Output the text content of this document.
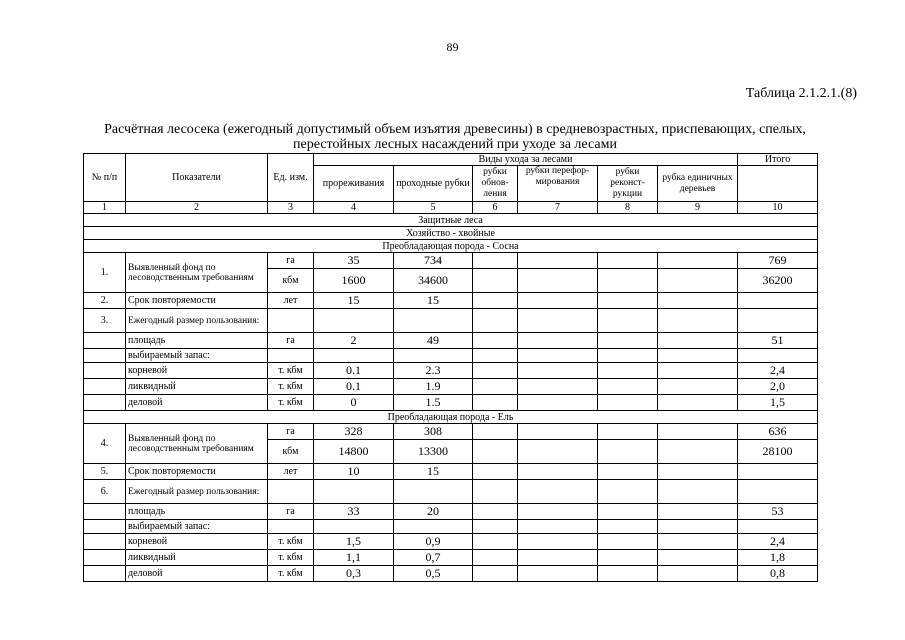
89
Таблица 2.1.2.1.(8)
Расчётная лесосека (ежегодный допустимый объем изъятия древесины) в средневозрастных, приспевающих, спелых,
перестойных лесных насаждений при уходе за лесами
№ п/п	Показатели	Ед. изм.	Виды ухода за лесами						Итого
			прореживания	проходные рубки	рубки обнов-ления	рубки перефор-мирования	рубки реконст-рукции	рубка единичных деревьев	
1	2	3	4	5	6	7	8	9	10
Защитные леса									
Хозяйство - хвойные									
Преобладающая порода - Сосна									
1.	Выявленный фонд по лесоводственным требованиям	га	35	734					769
		кбм	1600	34600					36200
2.	Срок повторяемости	лет	15	15					
3.	Ежегодный размер пользования:								
	площадь	га	2	49					51
	выбираемый запас:								
	корневой	т. кбм	0.1	2.3					2,4
	ликвидный	т. кбм	0.1	1.9					2,0
	деловой	т. кбм	0	1.5					1,5
Преобладающая порода - Ель									
4.	Выявленный фонд по лесоводственным требованиям	га	328	308					636
		кбм	14800	13300					28100
5.	Срок повторяемости	лет	10	15					
6.	Ежегодный размер пользования:								
	площадь	га	33	20					53
	выбираемый запас:								
	корневой	т. кбм	1,5	0,9					2,4
	ликвидный	т. кбм	1,1	0,7					1,8
	деловой	т. кбм	0,3	0,5					0,8
